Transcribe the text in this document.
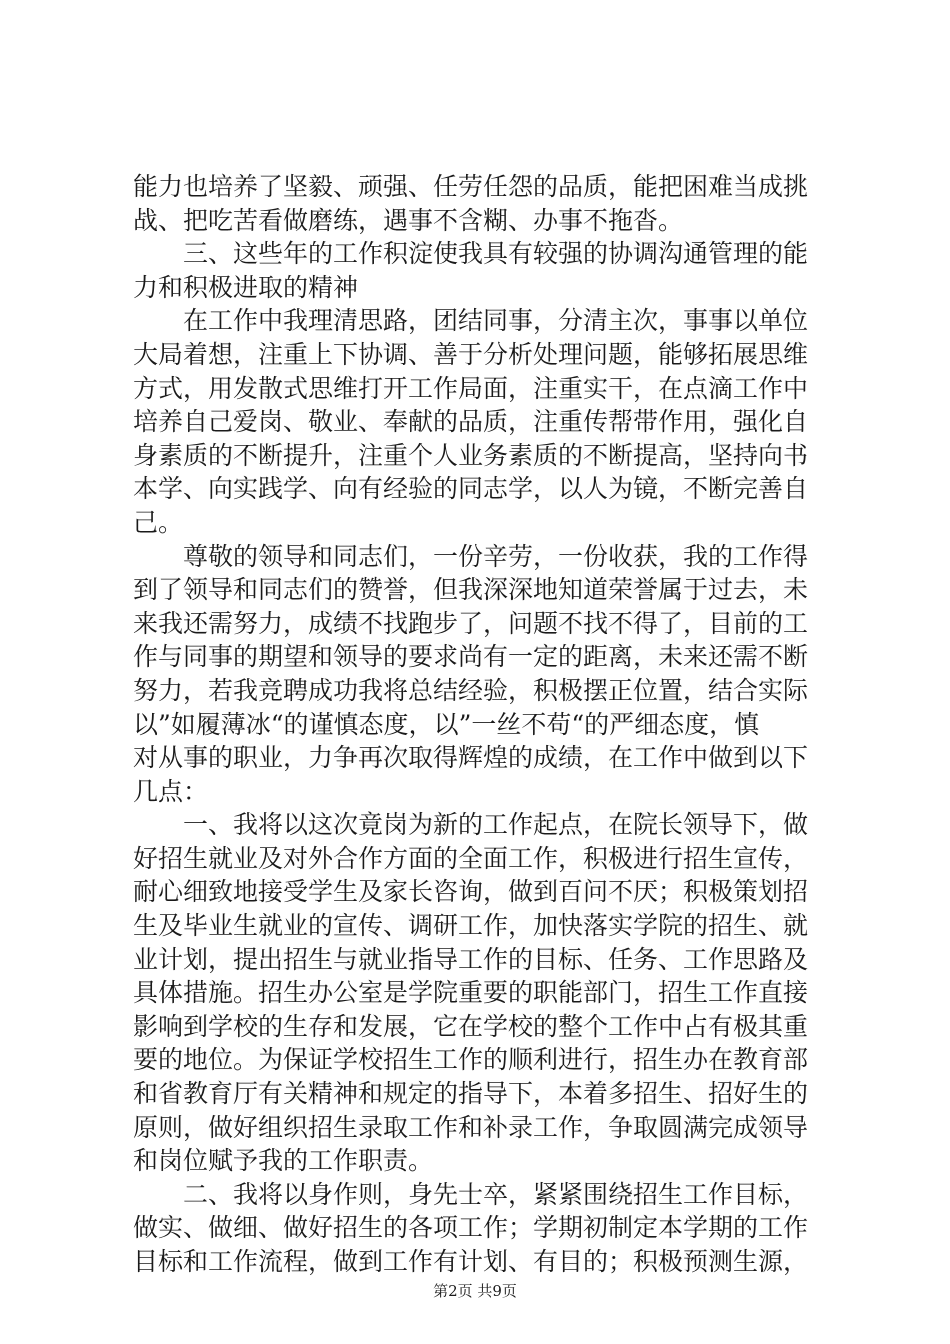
能力也培养了坚毅、顽强、任劳任怨的品质，能把困难当成挑
战、把吃苦看做磨练，遇事不含糊、办事不拖沓。
三、这些年的工作积淀使我具有较强的协调沟通管理的能
力和积极进取的精神
在工作中我理清思路，团结同事，分清主次，事事以单位
大局着想，注重上下协调、善于分析处理问题，能够拓展思维
方式，用发散式思维打开工作局面，注重实干，在点滴工作中
培养自己爱岗、敬业、奉献的品质，注重传帮带作用，强化自
身素质的不断提升，注重个人业务素质的不断提高，坚持向书
本学、向实践学、向有经验的同志学，以人为镜，不断完善自
己。
尊敬的领导和同志们，一份辛劳，一份收获，我的工作得
到了领导和同志们的赞誉，但我深深地知道荣誉属于过去，未
来我还需努力，成绩不找跑步了，问题不找不得了，目前的工
作与同事的期望和领导的要求尚有一定的距离，未来还需不断
努力，若我竞聘成功我将总结经验，积极摆正位置，结合实际
以”如履薄冰“的谨慎态度，以”一丝不苟“的严细态度，慎
对从事的职业，力争再次取得辉煌的成绩，在工作中做到以下
几点：
一、我将以这次竟岗为新的工作起点，在院长领导下，做
好招生就业及对外合作方面的全面工作，积极进行招生宣传，
耐心细致地接受学生及家长咨询，做到百问不厌；积极策划招
生及毕业生就业的宣传、调研工作，加快落实学院的招生、就
业计划，提出招生与就业指导工作的目标、任务、工作思路及
具体措施。招生办公室是学院重要的职能部门，招生工作直接
影响到学校的生存和发展，它在学校的整个工作中占有极其重
要的地位。为保证学校招生工作的顺利进行，招生办在教育部
和省教育厅有关精神和规定的指导下，本着多招生、招好生的
原则，做好组织招生录取工作和补录工作，争取圆满完成领导
和岗位赋予我的工作职责。
二、我将以身作则，身先士卒，紧紧围绕招生工作目标，
做实、做细、做好招生的各项工作；学期初制定本学期的工作
目标和工作流程，做到工作有计划、有目的；积极预测生源，
第2页 共9页
